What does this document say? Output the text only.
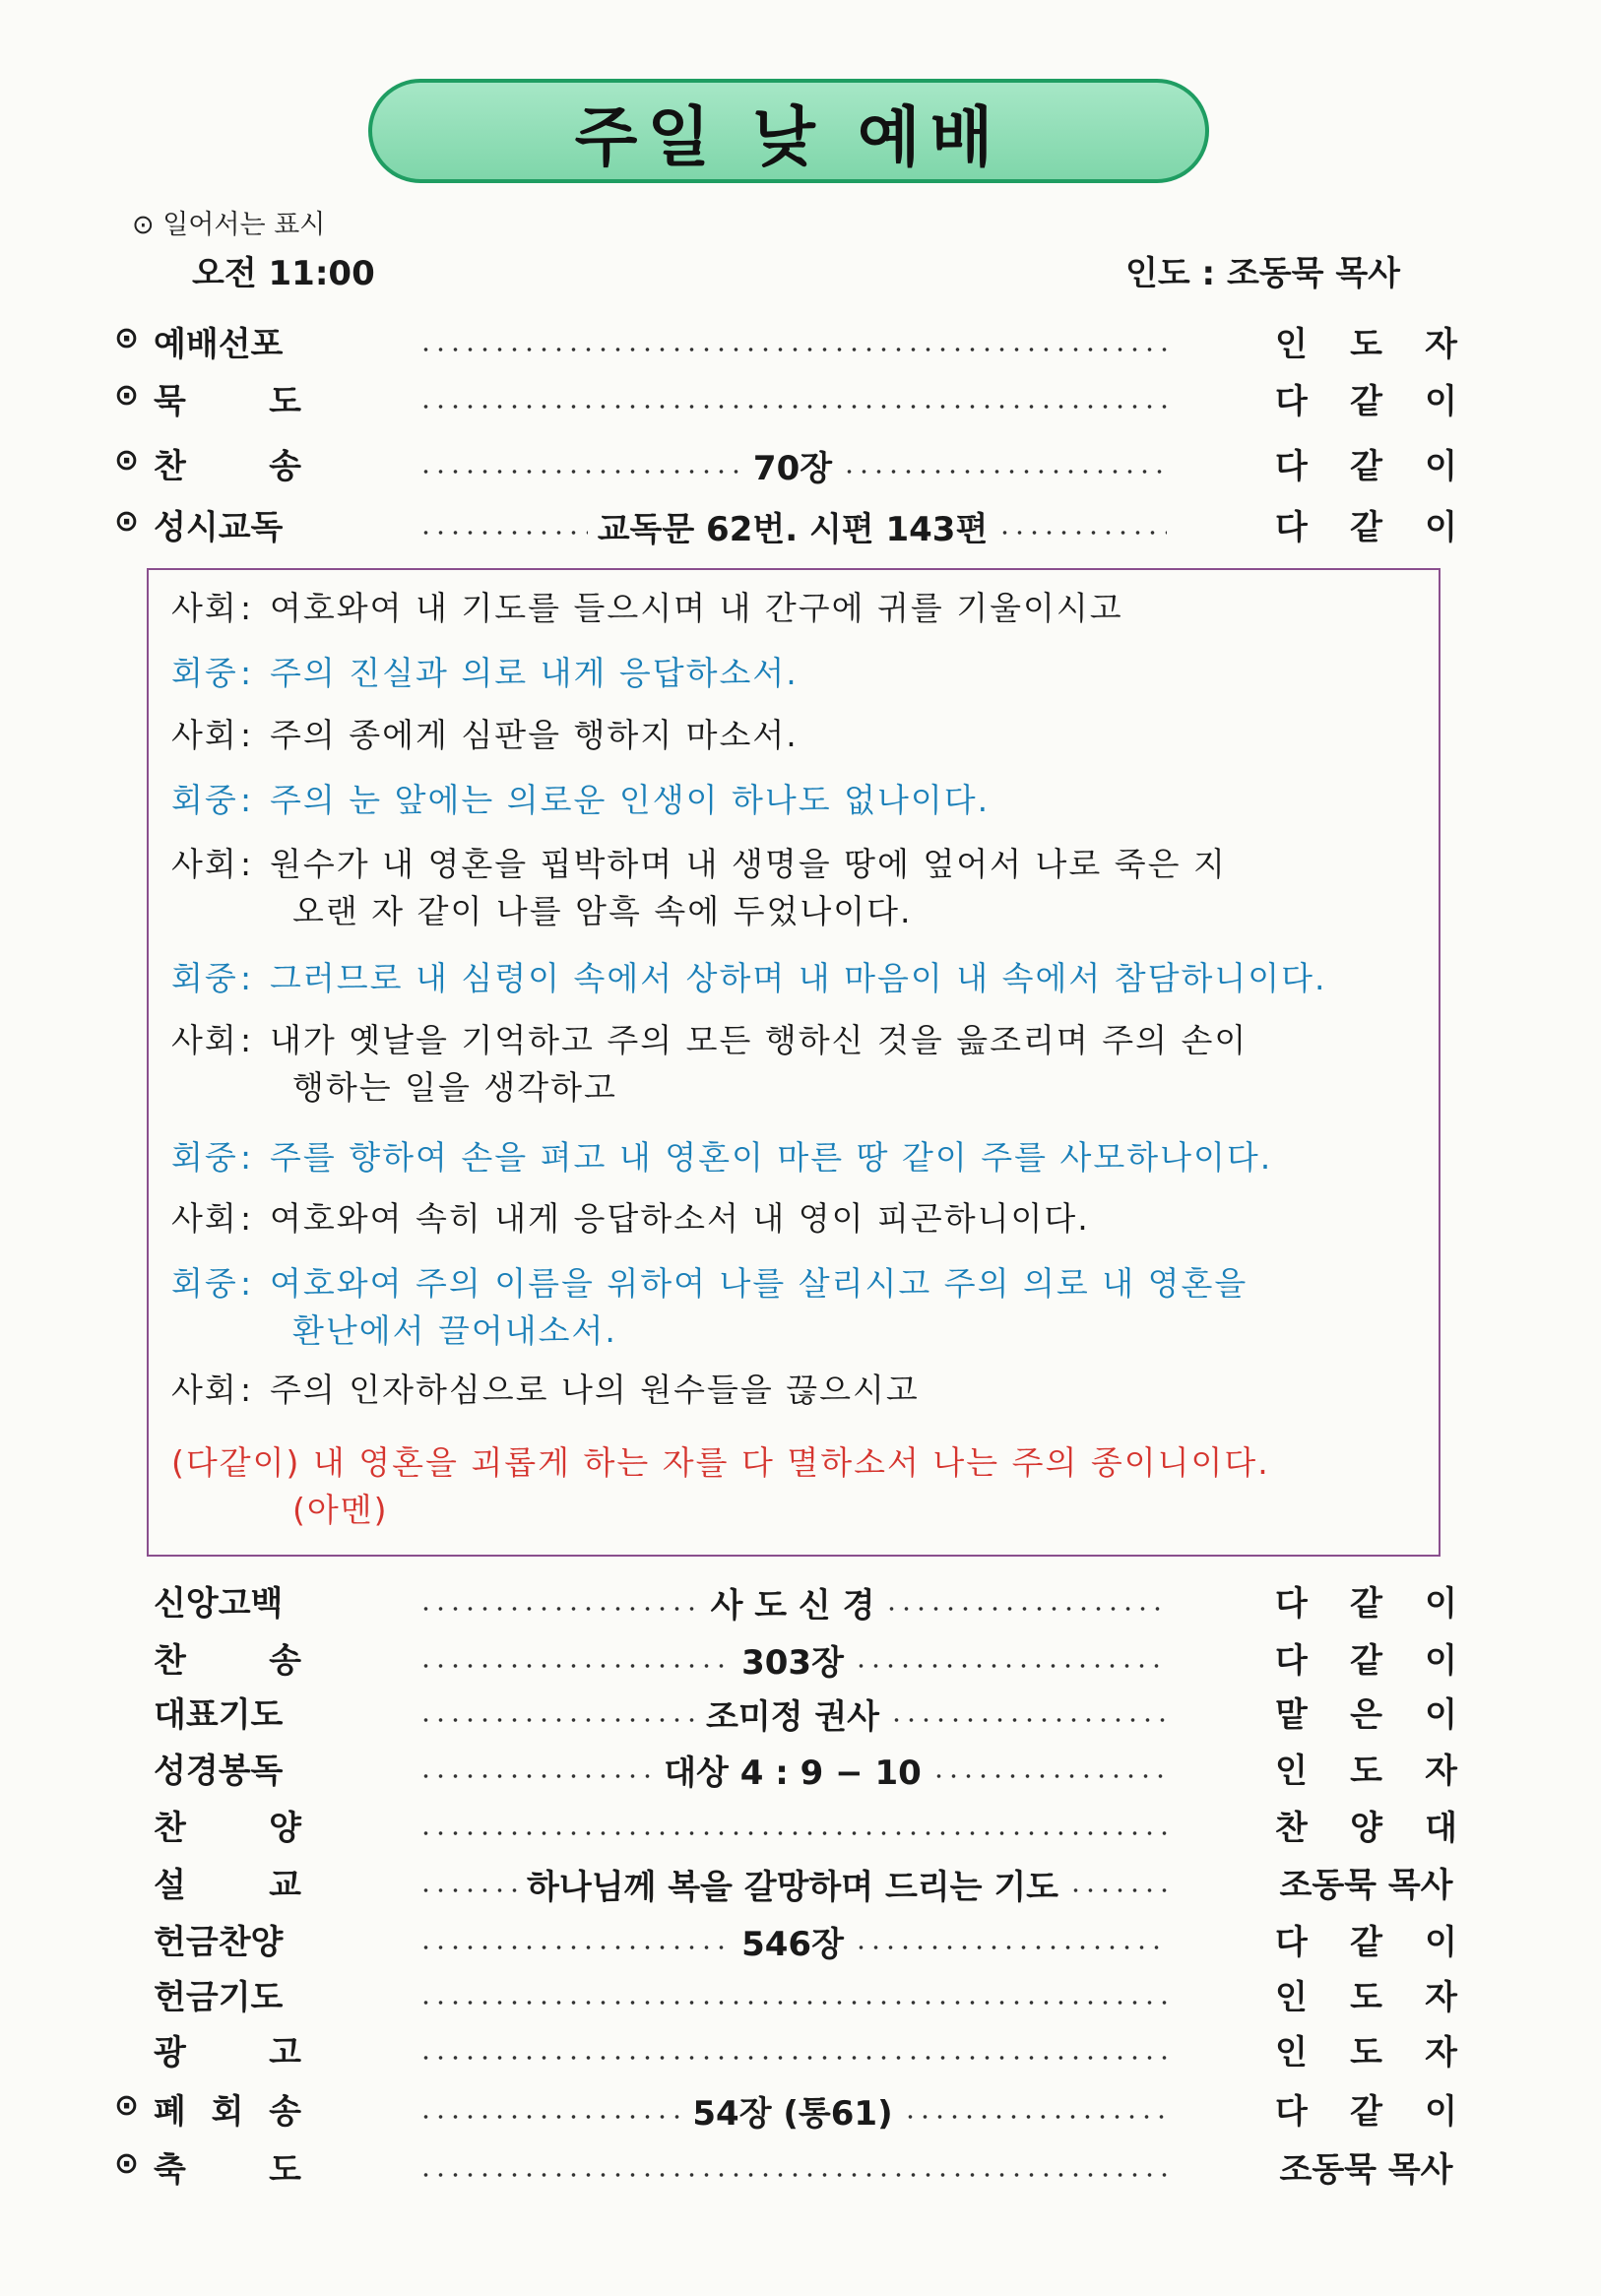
주일 낮 예배
⊙ 일어서는 표시
오전 11:00	인도 : 조동묵 목사
⊙ 예배선포	인 도 자
⊙ 묵 도	다 같 이
⊙ 찬 송	70장	다 같 이
⊙ 성시교독	교독문 62번. 시편 143편	다 같 이
사회: 여호와여 내 기도를 들으시며 내 간구에 귀를 기울이시고
회중: 주의 진실과 의로 내게 응답하소서.
사회: 주의 종에게 심판을 행하지 마소서.
회중: 주의 눈 앞에는 의로운 인생이 하나도 없나이다.
사회: 원수가 내 영혼을 핍박하며 내 생명을 땅에 엎어서 나로 죽은 지
오랜 자 같이 나를 암흑 속에 두었나이다.
회중: 그러므로 내 심령이 속에서 상하며 내 마음이 내 속에서 참담하니이다.
사회: 내가 옛날을 기억하고 주의 모든 행하신 것을 읊조리며 주의 손이
행하는 일을 생각하고
회중: 주를 향하여 손을 펴고 내 영혼이 마른 땅 같이 주를 사모하나이다.
사회: 여호와여 속히 내게 응답하소서 내 영이 피곤하니이다.
회중: 여호와여 주의 이름을 위하여 나를 살리시고 주의 의로 내 영혼을
환난에서 끌어내소서.
사회: 주의 인자하심으로 나의 원수들을 끊으시고
(다같이) 내 영혼을 괴롭게 하는 자를 다 멸하소서 나는 주의 종이니이다.
(아멘)
신앙고백	사 도 신 경	다 같 이
찬 송	303장	다 같 이
대표기도	조미정 권사	맡 은 이
성경봉독	대상 4 : 9 − 10	인 도 자
찬 양	찬 양 대
설 교	하나님께 복을 갈망하며 드리는 기도	조동묵 목사
헌금찬양	546장	다 같 이
헌금기도	인 도 자
광 고	인 도 자
⊙ 폐 회 송	54장 (통61)	다 같 이
⊙ 축 도	조동묵 목사
